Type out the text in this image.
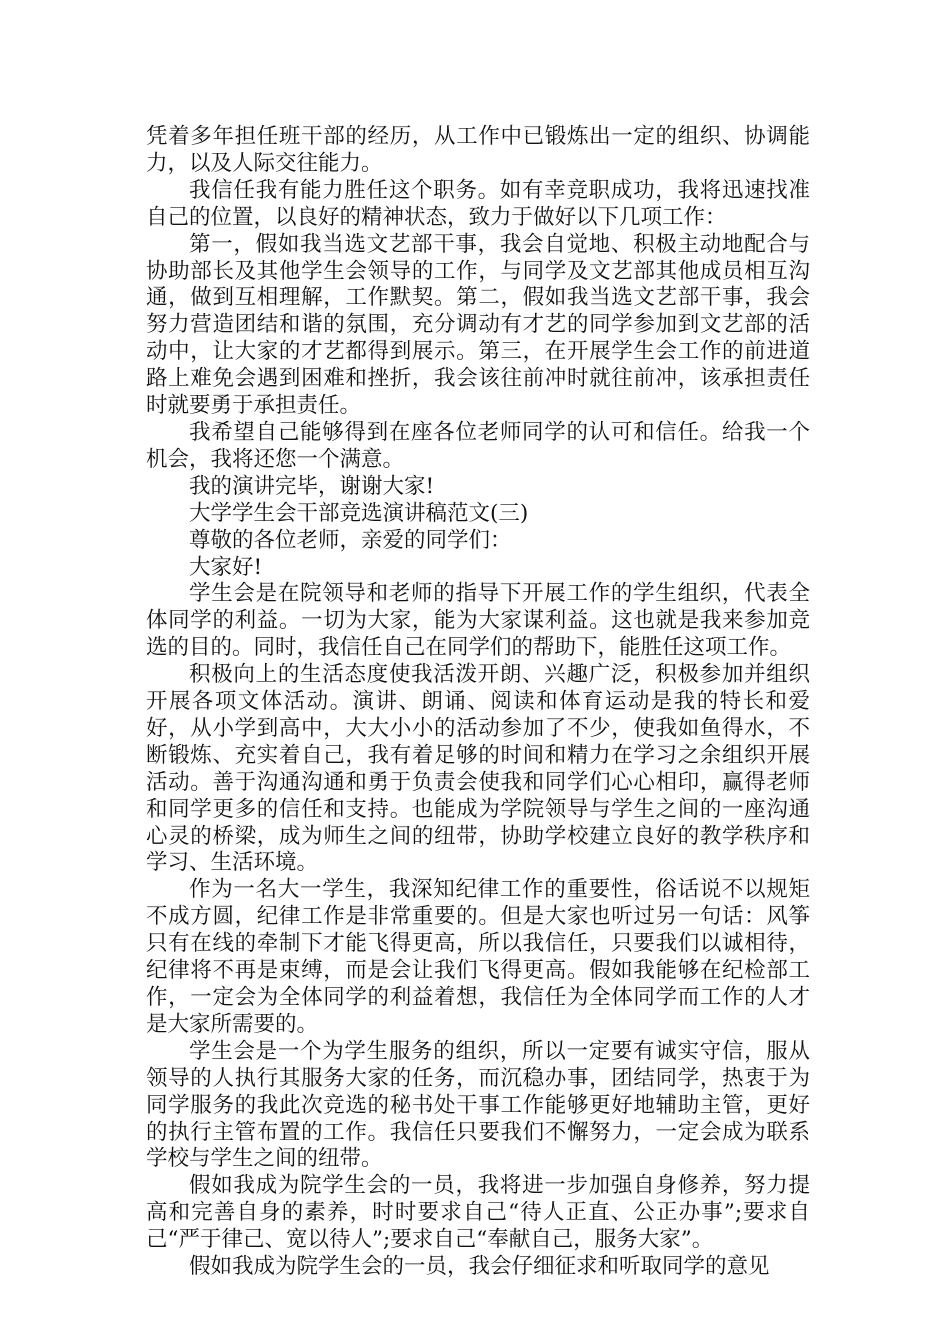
凭着多年担任班干部的经历，从工作中已锻炼出一定的组织、协调能力，以及人际交往能力。

我信任我有能力胜任这个职务。如有幸竞职成功，我将迅速找准自己的位置，以良好的精神状态，致力于做好以下几项工作：

第一，假如我当选文艺部干事，我会自觉地、积极主动地配合与协助部长及其他学生会领导的工作，与同学及文艺部其他成员相互沟通，做到互相理解，工作默契。第二，假如我当选文艺部干事，我会努力营造团结和谐的氛围，充分调动有才艺的同学参加到文艺部的活动中，让大家的才艺都得到展示。第三，在开展学生会工作的前进道路上难免会遇到困难和挫折，我会该往前冲时就往前冲，该承担责任时就要勇于承担责任。

我希望自己能够得到在座各位老师同学的认可和信任。给我一个机会，我将还您一个满意。

我的演讲完毕，谢谢大家!

大学学生会干部竞选演讲稿范文(三)

尊敬的各位老师，亲爱的同学们：

大家好!

学生会是在院领导和老师的指导下开展工作的学生组织，代表全体同学的利益。一切为大家，能为大家谋利益。这也就是我来参加竞选的目的。同时，我信任自己在同学们的帮助下，能胜任这项工作。

积极向上的生活态度使我活泼开朗、兴趣广泛，积极参加并组织开展各项文体活动。演讲、朗诵、阅读和体育运动是我的特长和爱好，从小学到高中，大大小小的活动参加了不少，使我如鱼得水，不断锻炼、充实着自己，我有着足够的时间和精力在学习之余组织开展活动。善于沟通沟通和勇于负责会使我和同学们心心相印，赢得老师和同学更多的信任和支持。也能成为学院领导与学生之间的一座沟通心灵的桥梁，成为师生之间的纽带，协助学校建立良好的教学秩序和学习、生活环境。

作为一名大一学生，我深知纪律工作的重要性，俗话说不以规矩不成方圆，纪律工作是非常重要的。但是大家也听过另一句话：风筝只有在线的牵制下才能飞得更高，所以我信任，只要我们以诚相待，纪律将不再是束缚，而是会让我们飞得更高。假如我能够在纪检部工作，一定会为全体同学的利益着想，我信任为全体同学而工作的人才是大家所需要的。

学生会是一个为学生服务的组织，所以一定要有诚实守信，服从领导的人执行其服务大家的任务，而沉稳办事，团结同学，热衷于为同学服务的我此次竞选的秘书处干事工作能够更好地辅助主管，更好的执行主管布置的工作。我信任只要我们不懈努力，一定会成为联系学校与学生之间的纽带。

假如我成为院学生会的一员，我将进一步加强自身修养，努力提高和完善自身的素养，时时要求自己“待人正直、公正办事”;要求自己“严于律己、宽以待人”;要求自己“奉献自己，服务大家”。

假如我成为院学生会的一员，我会仔细征求和听取同学的意见
